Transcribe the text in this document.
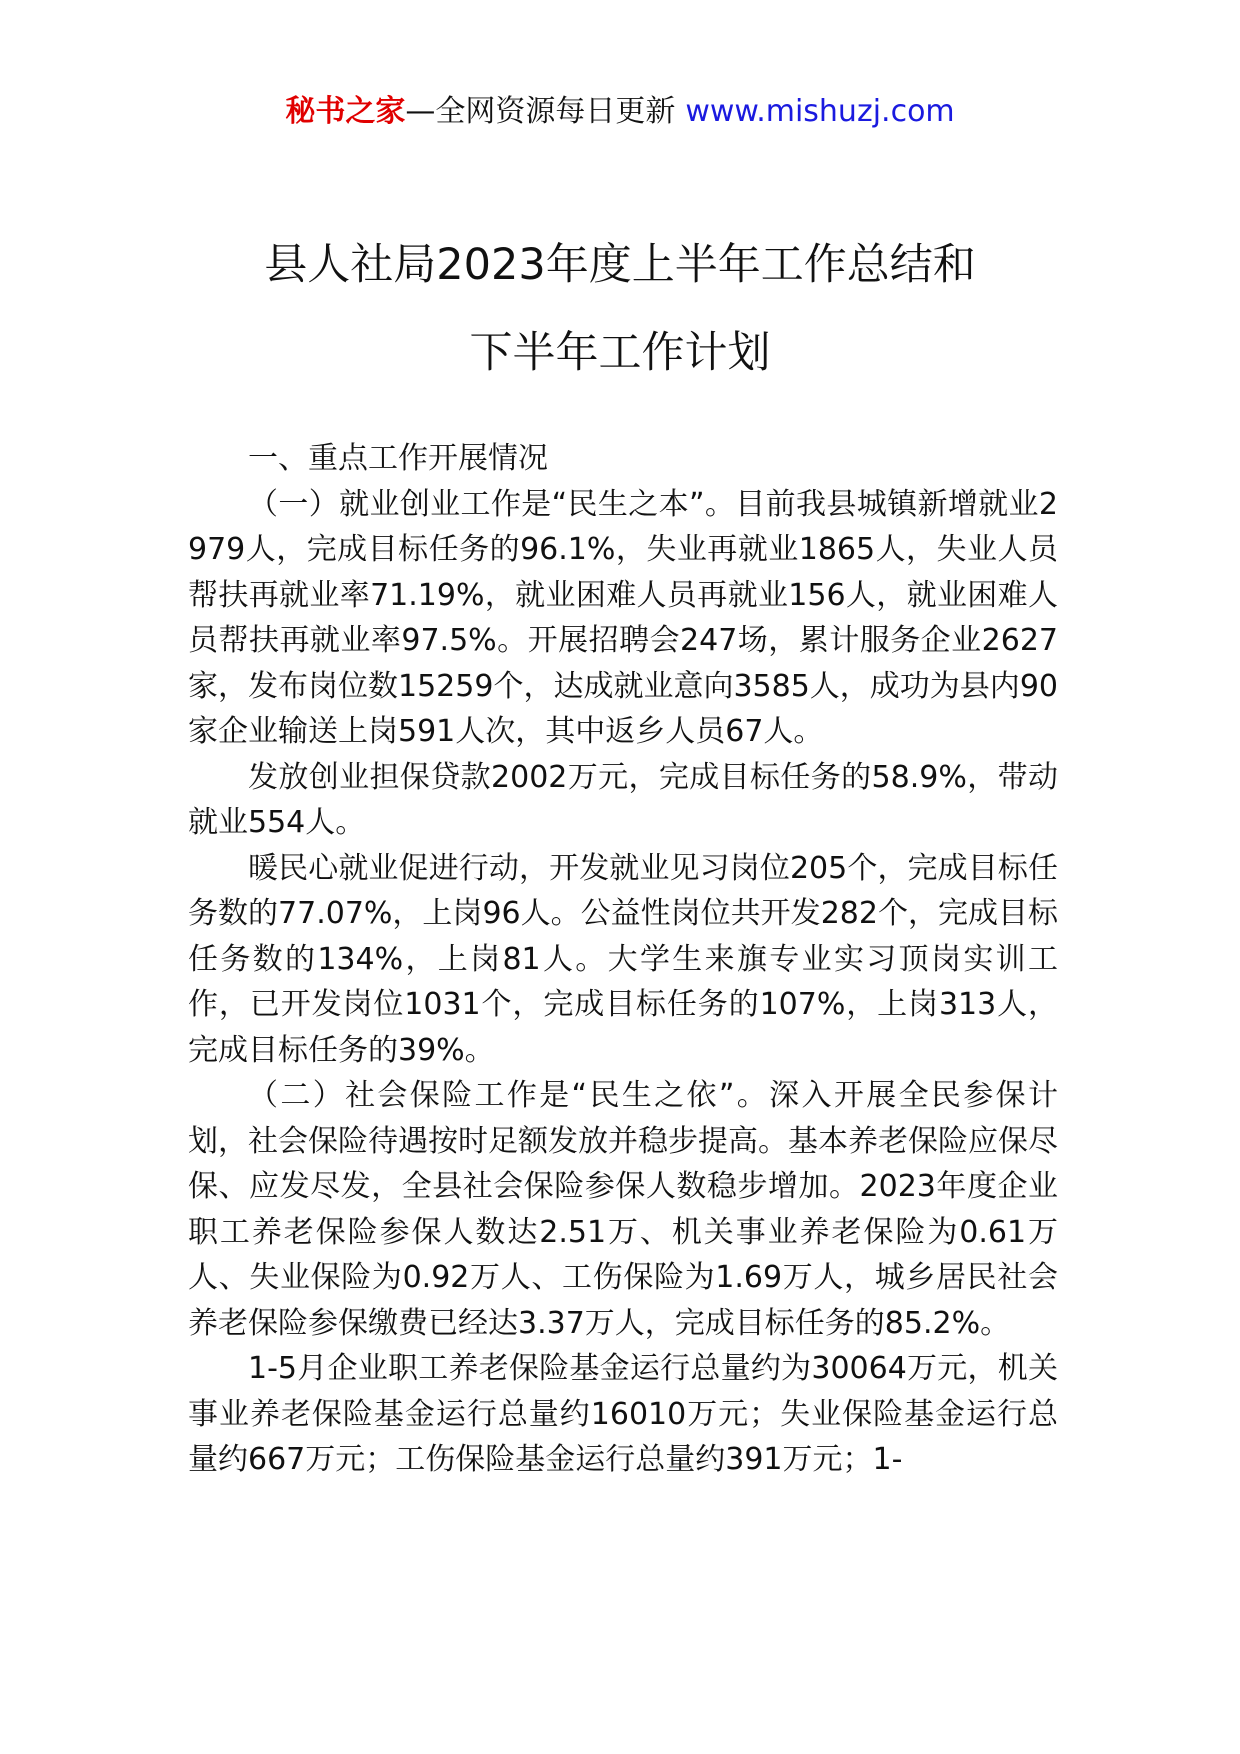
秘书之家—全网资源每日更新 www.mishuzj.com
县人社局2023年度上半年工作总结和
下半年工作计划

一、重点工作开展情况

（一）就业创业工作是“民生之本”。目前我县城镇新增就业2979人，完成目标任务的96.1%，失业再就业1865人，失业人员帮扶再就业率71.19%，就业困难人员再就业156人，就业困难人员帮扶再就业率97.5%。开展招聘会247场，累计服务企业2627家，发布岗位数15259个，达成就业意向3585人，成功为县内90家企业输送上岗591人次，其中返乡人员67人。

发放创业担保贷款2002万元，完成目标任务的58.9%，带动就业554人。

暖民心就业促进行动，开发就业见习岗位205个，完成目标任务数的77.07%，上岗96人。公益性岗位共开发282个，完成目标任务数的134%，上岗81人。大学生来旗专业实习顶岗实训工作，已开发岗位1031个，完成目标任务的107%，上岗313人，完成目标任务的39%。

（二）社会保险工作是“民生之依”。深入开展全民参保计划，社会保险待遇按时足额发放并稳步提高。基本养老保险应保尽保、应发尽发，全县社会保险参保人数稳步增加。2023年度企业职工养老保险参保人数达2.51万、机关事业养老保险为0.61万人、失业保险为0.92万人、工伤保险为1.69万人，城乡居民社会养老保险参保缴费已经达3.37万人，完成目标任务的85.2%。

1-5月企业职工养老保险基金运行总量约为30064万元，机关事业养老保险基金运行总量约16010万元；失业保险基金运行总量约667万元；工伤保险基金运行总量约391万元；1-
